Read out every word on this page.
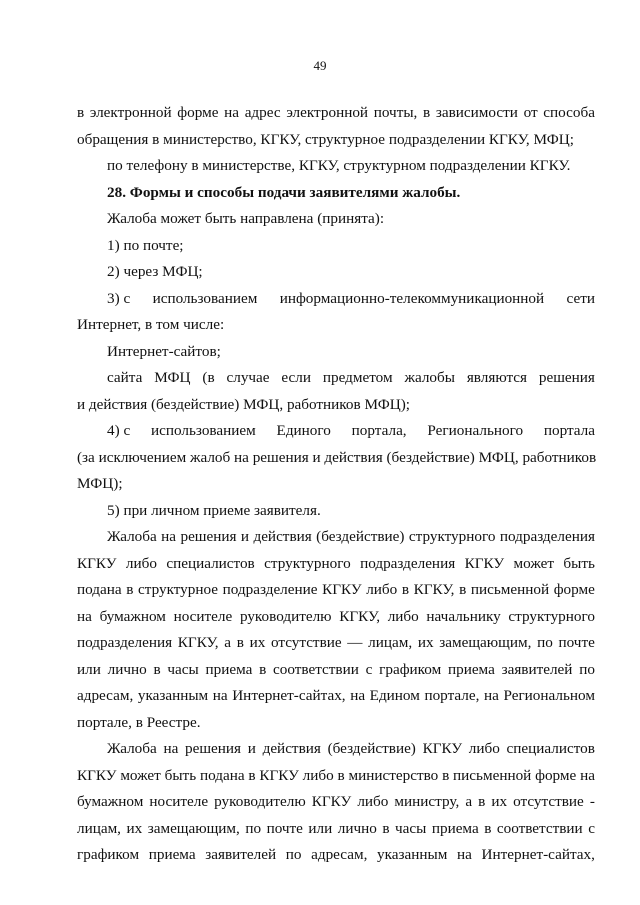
49
в электронной форме на адрес электронной почты, в зависимости от способа
обращения в министерство, КГКУ, структурное подразделении КГКУ, МФЦ;
по телефону в министерстве, КГКУ, структурном подразделении КГКУ.
28. Формы и способы подачи заявителями жалобы.
Жалоба может быть направлена (принята):
1) по почте;
2) через МФЦ;
3) с использованием информационно-телекоммуникационной сети
Интернет, в том числе:
Интернет-сайтов;
сайта МФЦ (в случае если предметом жалобы являются решения
и действия (бездействие) МФЦ, работников МФЦ);
4) с использованием Единого портала, Регионального портала
(за исключением жалоб на решения и действия (бездействие) МФЦ, работников
МФЦ);
5) при личном приеме заявителя.
Жалоба на решения и действия (бездействие) структурного подразделения
КГКУ либо специалистов структурного подразделения КГКУ может быть
подана в структурное подразделение КГКУ либо в КГКУ, в письменной форме
на бумажном носителе руководителю КГКУ, либо начальнику структурного
подразделения КГКУ, а в их отсутствие — лицам, их замещающим, по почте
или лично в часы приема в соответствии с графиком приема заявителей по
адресам, указанным на Интернет-сайтах, на Едином портале, на Региональном
портале, в Реестре.
Жалоба на решения и действия (бездействие) КГКУ либо специалистов
КГКУ может быть подана в КГКУ либо в министерство в письменной форме на
бумажном носителе руководителю КГКУ либо министру, а в их отсутствие -
лицам, их замещающим, по почте или лично в часы приема в соответствии с
графиком приема заявителей по адресам, указанным на Интернет-сайтах,
